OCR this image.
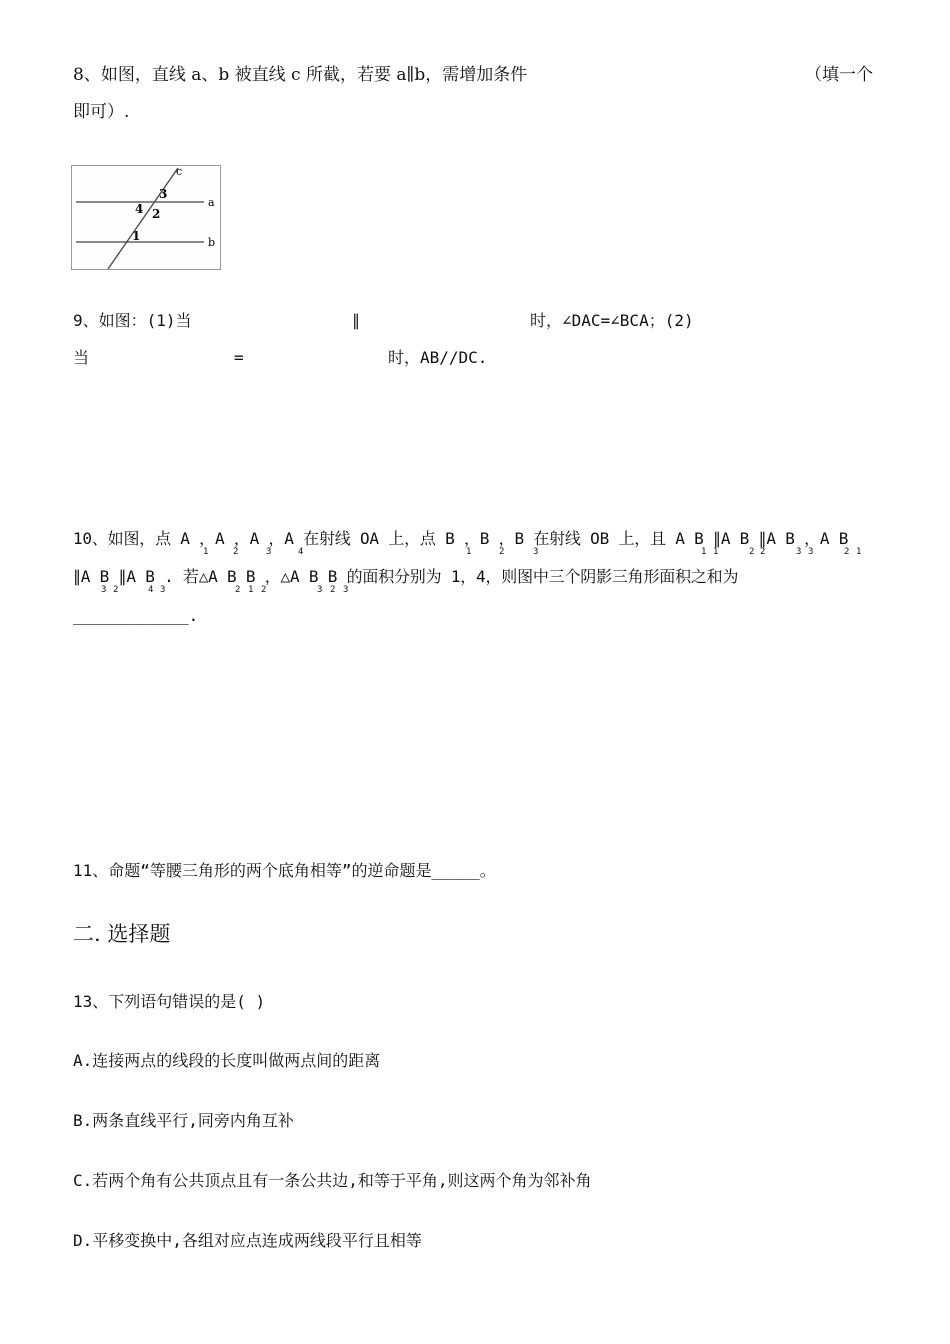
8、如图，直线 a、b 被直线 c 所截，若要 a∥b，需增加条件	（填一个
即可）.
c
a
b
3
4 2
1
9、如图：(1)当	∥	时，∠DAC=∠BCA；(2)
当	=	时，AB//DC.
10、如图，点 A ，A ，A ，A 在射线 OA 上，点 B ，B ，B 在射线 OB 上，且 A B ∥A B ∥A B ，A B
∥A B ∥A B . 若△A B B ，△A B B 的面积分别为 1，4，则图中三个阴影三角形面积之和为
1	2	3	4	1	2	3	1 1	2 2	3 3	2 1
3 2	4 3	2 1 2	3 2 3
____________.
11、命题“等腰三角形的两个底角相等”的逆命题是_____。
二. 选择题
13、下列语句错误的是( )
A.连接两点的线段的长度叫做两点间的距离
B.两条直线平行,同旁内角互补
C.若两个角有公共顶点且有一条公共边,和等于平角,则这两个角为邻补角
D.平移变换中,各组对应点连成两线段平行且相等
